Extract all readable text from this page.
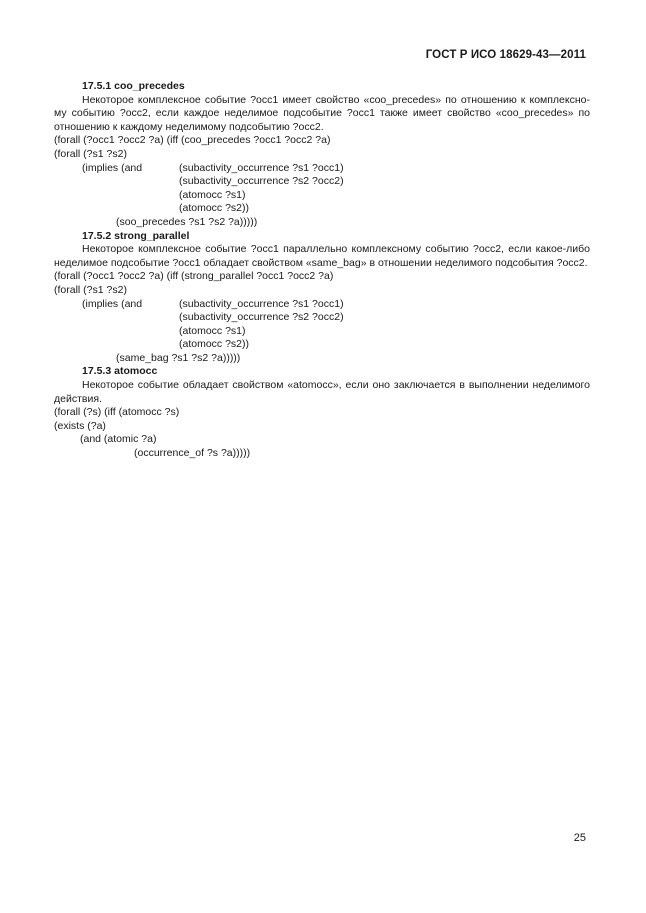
ГОСТ Р ИСО 18629-43—2011
17.5.1 coo_precedes
Некоторое комплексное событие ?occ1 имеет свойство «coo_precedes» по отношению к комплексно-му событию ?occ2, если каждое неделимое подсобытие ?occ1 также имеет свойство «coo_precedes» по отношению к каждому неделимому подсобытию ?occ2.
(forall (?occ1 ?occ2 ?a) (iff (coo_precedes ?occ1 ?occ2 ?a)
(forall (?s1 ?s2)
(implies (and	(subactivity_occurrence ?s1 ?occ1)
(subactivity_occurrence ?s2 ?occ2)
(atomocc ?s1)
(atomocc ?s2))
(soo_precedes ?s1 ?s2 ?a)))))
17.5.2 strong_parallel
Некоторое комплексное событие ?occ1 параллельно комплексному событию ?occ2, если какое-либо неделимое подсобытие ?occ1 обладает свойством «same_bag» в отношении неделимого подсобытия ?occ2.
(forall (?occ1 ?occ2 ?a) (iff (strong_parallel ?occ1 ?occ2 ?a)
(forall (?s1 ?s2)
(implies (and	(subactivity_occurrence ?s1 ?occ1)
(subactivity_occurrence ?s2 ?occ2)
(atomocc ?s1)
(atomocc ?s2))
(same_bag ?s1 ?s2 ?a)))))
17.5.3 atomocc
Некоторое событие обладает свойством «atomocc», если оно заключается в выполнении неделимого действия.
(forall (?s) (iff (atomocc ?s)
(exists (?a)
(and (atomic ?a)
(occurrence_of ?s ?a)))))
25
